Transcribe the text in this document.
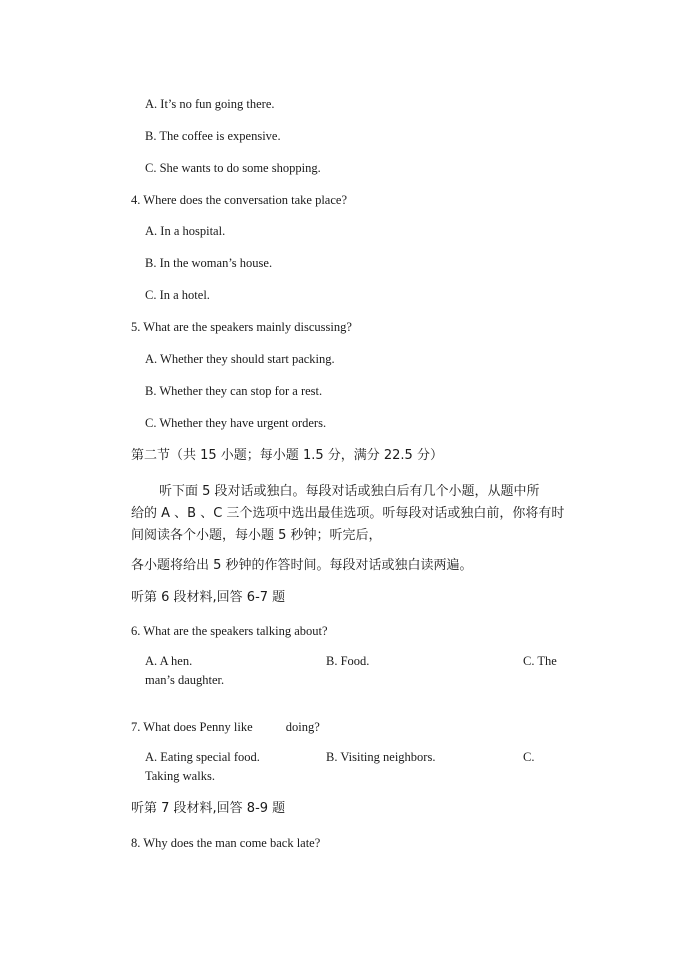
A. It’s no fun going there.
B. The coffee is expensive.
C. She wants to do some shopping.
4. Where does the conversation take place?
A. In a hospital.
B. In the woman’s house.
C. In a hotel.
5. What are the speakers mainly discussing?
A. Whether they should start packing.
B. Whether they can stop for a rest.
C. Whether they have urgent orders.
第二节（共 15 小题；每小题 1.5 分，满分 22.5 分）
听下面 5 段对话或独白。每段对话或独白后有几个小题，从题中所
给的 A 、B 、C 三个选项中选出最佳选项。听每段对话或独白前，你将有时
间阅读各个小题，每小题 5 秒钟；听完后，
各小题将给出 5 秒钟的作答时间。每段对话或独白读两遍。
听第 6 段材料,回答 6-7 题
6. What are the speakers talking about?
A. A hen.	B. Food.	C. The
man’s daughter.
7. What does Penny like	doing?
A. Eating special food.	B. Visiting neighbors.	C.
Taking walks.
听第 7 段材料,回答 8-9 题
8. Why does the man come back late?
